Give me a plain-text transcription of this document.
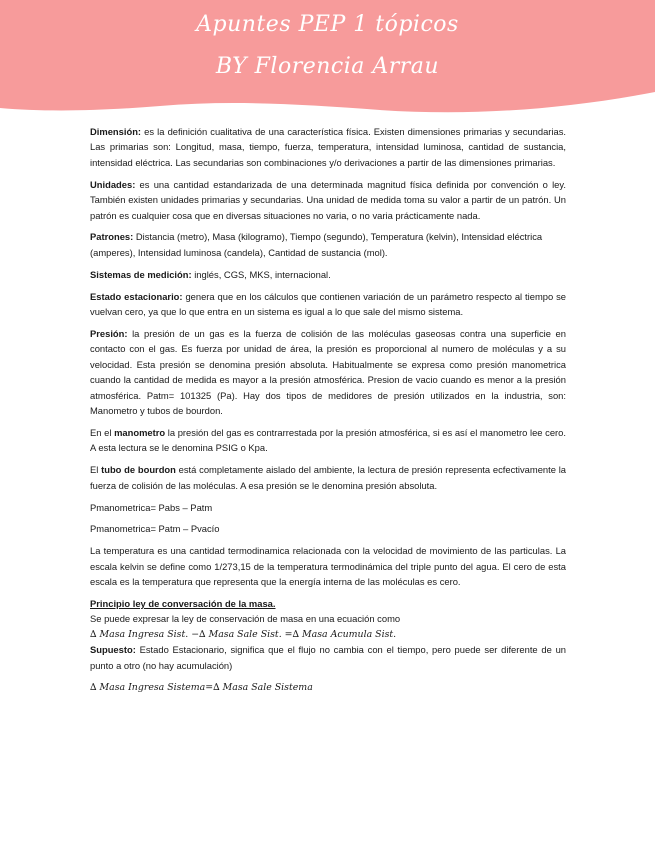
Apuntes PEP 1 tópicos
BY Florencia Arrau

Dimensión: es la definición cualitativa de una característica física. Existen dimensiones primarias y secundarias. Las primarias son: Longitud, masa, tiempo, fuerza, temperatura, intensidad luminosa, cantidad de sustancia, intensidad eléctrica. Las secundarias son combinaciones y/o derivaciones a partir de las dimensiones primarias.

Unidades: es una cantidad estandarizada de una determinada magnitud física definida por convención o ley. También existen unidades primarias y secundarias. Una unidad de medida toma su valor a partir de un patrón. Un patrón es cualquier cosa que en diversas situaciones no varia, o no varia prácticamente nada.

Patrones: Distancia (metro), Masa (kilogramo), Tiempo (segundo), Temperatura (kelvin), Intensidad eléctrica (amperes), Intensidad luminosa (candela), Cantidad de sustancia (mol).

Sistemas de medición: inglés, CGS, MKS, internacional.

Estado estacionario: genera que en los cálculos que contienen variación de un parámetro respecto al tiempo se vuelvan cero, ya que lo que entra en un sistema es igual a lo que sale del mismo sistema.

Presión: la presión de un gas es la fuerza de colisión de las moléculas gaseosas contra una superficie en contacto con el gas. Es fuerza por unidad de área, la presión es proporcional al numero de moléculas y a su velocidad. Esta presión se denomina presión absoluta. Habitualmente se expresa como presión manometrica cuando la cantidad de medida es mayor a la presión atmosférica. Presion de vacio cuando es menor a la presión atmosférica. Patm= 101325 (Pa). Hay dos tipos de medidores de presión utilizados en la industria, son: Manometro y tubos de bourdon.

En el manometro la presión del gas es contrarrestada por la presión atmosférica, si es así el manometro lee cero. A esta lectura se le denomina PSIG o Kpa.

El tubo de bourdon está completamente aislado del ambiente, la lectura de presión representa ecfectivamente la fuerza de colisión de las moléculas. A esa presión se le denomina presión absoluta.

Pmanometrica= Pabs – Patm

Pmanometrica= Patm – Pvacío

La temperatura es una cantidad termodinamica relacionada con la velocidad de movimiento de las particulas. La escala kelvin se define como 1/273,15 de la temperatura termodinámica del triple punto del agua. El cero de esta escala es la temperatura que representa que la energía interna de las moléculas es cero.

Principio ley de conversación de la masa.

Se puede expresar la ley de conservación de masa en una ecuación como

∆ Masa Ingresa Sist. −∆ Masa Sale Sist. =∆ Masa Acumula Sist.

Supuesto: Estado Estacionario, significa que el flujo no cambia con el tiempo, pero puede ser diferente de un punto a otro (no hay acumulación)

∆ Masa Ingresa Sistema=∆ Masa Sale Sistema
